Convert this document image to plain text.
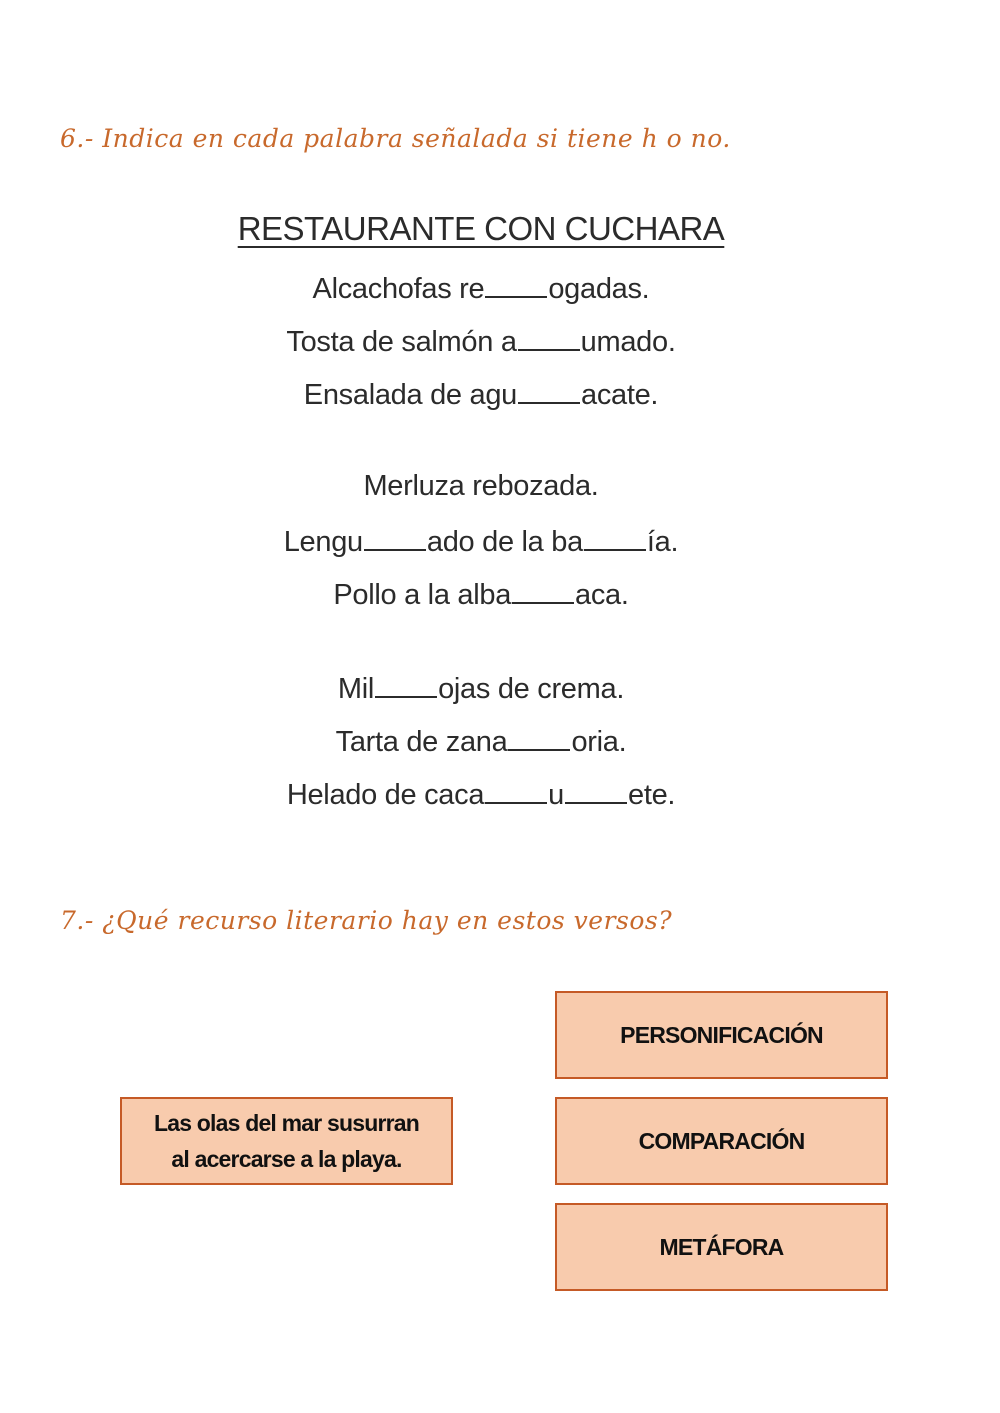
6.- Indica en cada palabra señalada si tiene h o no.
RESTAURANTE CON CUCHARA
Alcachofas re ogadas.
Tosta de salmón a umado.
Ensalada de agu acate.
Merluza rebozada.
Lengu ado de la ba ía.
Pollo a la alba aca.
Mil ojas de crema.
Tarta de zana oria.
Helado de caca u ete.
7.- ¿Qué recurso literario hay en estos versos?
Las olas del mar susurran
al acercarse a la playa.
PERSONIFICACIÓN
COMPARACIÓN
METÁFORA
